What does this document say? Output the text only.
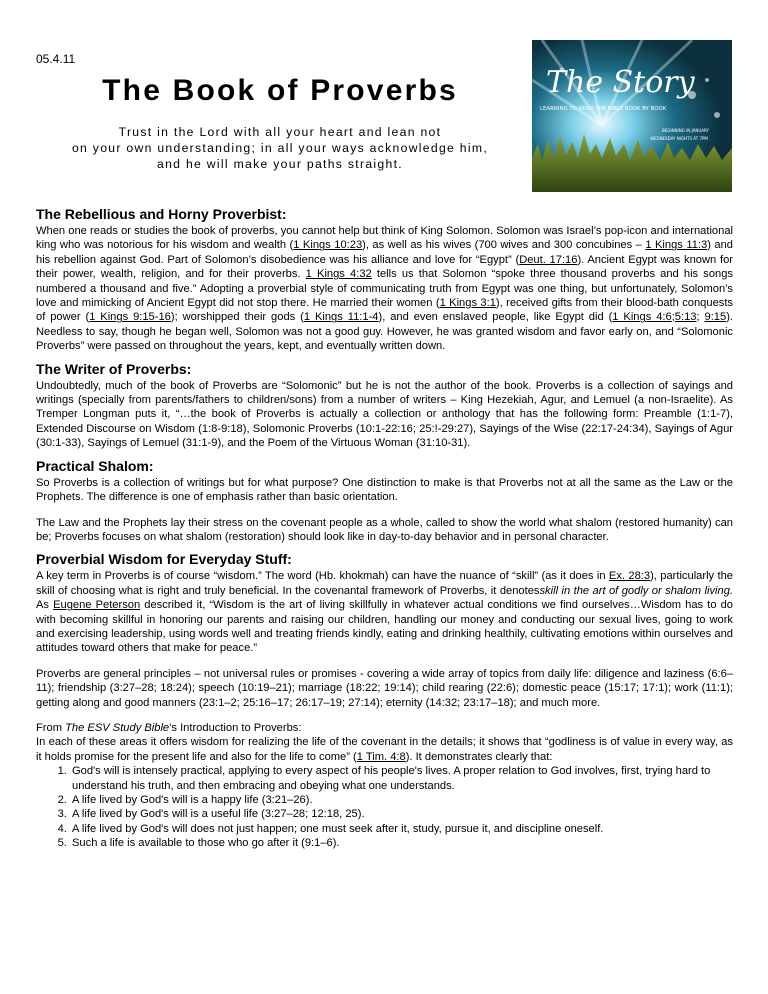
05.4.11
The Book of Proverbs
Trust in the Lord with all your heart and lean not
on your own understanding; in all your ways acknowledge him,
and he will make your paths straight.
The Story
LEARNING TO READ THE BIBLE BOOK BY BOOK
BEGINNING IN JANUARY
WEDNESDAY NIGHTS AT 7PM
The Rebellious and Horny Proverbist:

When one reads or studies the book of proverbs, you cannot help but think of King Solomon. Solomon was Israel’s pop-icon and international king who was notorious for his wisdom and wealth (1 Kings 10:23), as well as his wives (700 wives and 300 concubines – 1 Kings 11:3) and his rebellion against God. Part of Solomon’s disobedience was his alliance and love for “Egypt” (Deut. 17:16). Ancient Egypt was known for their power, wealth, religion, and for their proverbs. 1 Kings 4:32 tells us that Solomon “spoke three thousand proverbs and his songs numbered a thousand and five.” Adopting a proverbial style of communicating truth from Egypt was one thing, but unfortunately, Solomon’s love and mimicking of Ancient Egypt did not stop there. He married their women (1 Kings 3:1), received gifts from their blood-bath conquests of power (1 Kings 9:15-16); worshipped their gods (1 Kings 11:1-4), and even enslaved people, like Egypt did (1 Kings 4:6;5:13; 9:15). Needless to say, though he began well, Solomon was not a good guy. However, he was granted wisdom and favor early on, and “Solomonic Proverbs” were passed on throughout the years, kept, and eventually written down.

The Writer of Proverbs:

Undoubtedly, much of the book of Proverbs are “Solomonic” but he is not the author of the book. Proverbs is a collection of sayings and writings (specially from parents/fathers to children/sons) from a number of writers – King Hezekiah, Agur, and Lemuel (a non-Israelite). As Tremper Longman puts it, “…the book of Proverbs is actually a collection or anthology that has the following form: Preamble (1:1-7), Extended Discourse on Wisdom (1:8-9:18), Solomonic Proverbs (10:1-22:16; 25:!-29:27), Sayings of the Wise (22:17-24:34), Sayings of Agur (30:1-33), Sayings of Lemuel (31:1-9), and the Poem of the Virtuous Woman (31:10-31).

Practical Shalom:

So Proverbs is a collection of writings but for what purpose? One distinction to make is that Proverbs not at all the same as the Law or the Prophets. The difference is one of emphasis rather than basic orientation.

The Law and the Prophets lay their stress on the covenant people as a whole, called to show the world what shalom (restored humanity) can be; Proverbs focuses on what shalom (restoration) should look like in day-to-day behavior and in personal character.

Proverbial Wisdom for Everyday Stuff:

A key term in Proverbs is of course “wisdom.” The word (Hb. khokmah) can have the nuance of “skill” (as it does in Ex. 28:3), particularly the skill of choosing what is right and truly beneficial. In the covenantal framework of Proverbs, it denotesskill in the art of godly or shalom living. As Eugene Peterson described it, “Wisdom is the art of living skillfully in whatever actual conditions we find ourselves…Wisdom has to do with becoming skillful in honoring our parents and raising our children, handling our money and conducting our sexual lives, going to work and exercising leadership, using words well and treating friends kindly, eating and drinking healthily, cultivating emotions within ourselves and attitudes toward others that make for peace.”

Proverbs are general principles – not universal rules or promises - covering a wide array of topics from daily life: diligence and laziness (6:6–11); friendship (3:27–28; 18:24); speech (10:19–21); marriage (18:22; 19:14); child rearing (22:6); domestic peace (15:17; 17:1); work (11:1); getting along and good manners (23:1–2; 25:16–17; 26:17–19; 27:14); eternity (14:32; 23:17–18); and much more.

From The ESV Study Bible’s Introduction to Proverbs:

In each of these areas it offers wisdom for realizing the life of the covenant in the details; it shows that “godliness is of value in every way, as it holds promise for the present life and also for the life to come” (1 Tim. 4:8). It demonstrates clearly that:

1. God's will is intensely practical, applying to every aspect of his people's lives. A proper relation to God involves, first, trying hard to understand his truth, and then embracing and obeying what one understands.
2. A life lived by God's will is a happy life (3:21–26).
3. A life lived by God's will is a useful life (3:27–28; 12:18, 25).
4. A life lived by God's will does not just happen; one must seek after it, study, pursue it, and discipline oneself.
5. Such a life is available to those who go after it (9:1–6).
